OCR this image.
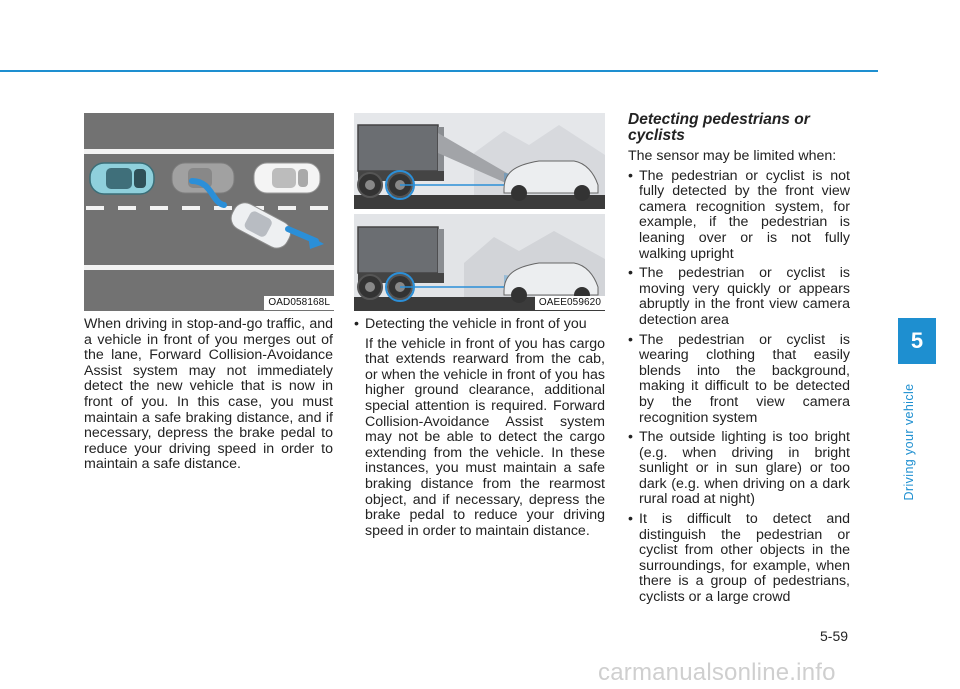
OAD058168L	OAEE059620
When driving in stop-and-go traffic, and a vehicle in front of you merges out of the lane, Forward Collision-Avoidance Assist system may not immediately detect the new vehicle that is now in front of you. In this case, you must maintain a safe braking distance, and if necessary, depress the brake pedal to reduce your driving speed in order to maintain a safe distance.
• Detecting the vehicle in front of you
If the vehicle in front of you has cargo that extends rearward from the cab, or when the vehicle in front of you has higher ground clearance, additional special attention is required. Forward Collision-Avoidance Assist system may not be able to detect the cargo extending from the vehicle. In these instances, you must maintain a safe braking distance from the rearmost object, and if necessary, depress the brake pedal to reduce your driving speed in order to maintain distance.
Detecting pedestrians or cyclists
The sensor may be limited when:
• The pedestrian or cyclist is not fully detected by the front view camera recognition system, for example, if the pedestrian is leaning over or is not fully walking upright
• The pedestrian or cyclist is moving very quickly or appears abruptly in the front view camera detection area
• The pedestrian or cyclist is wearing clothing that easily blends into the background, making it difficult to be detected by the front view camera recognition system
• The outside lighting is too bright (e.g. when driving in bright sunlight or in sun glare) or too dark (e.g. when driving on a dark rural road at night)
• It is difficult to detect and distinguish the pedestrian or cyclist from other objects in the surroundings, for example, when there is a group of pedestrians, cyclists or a large crowd
5
Driving your vehicle
5-59
carmanualsonline.info
